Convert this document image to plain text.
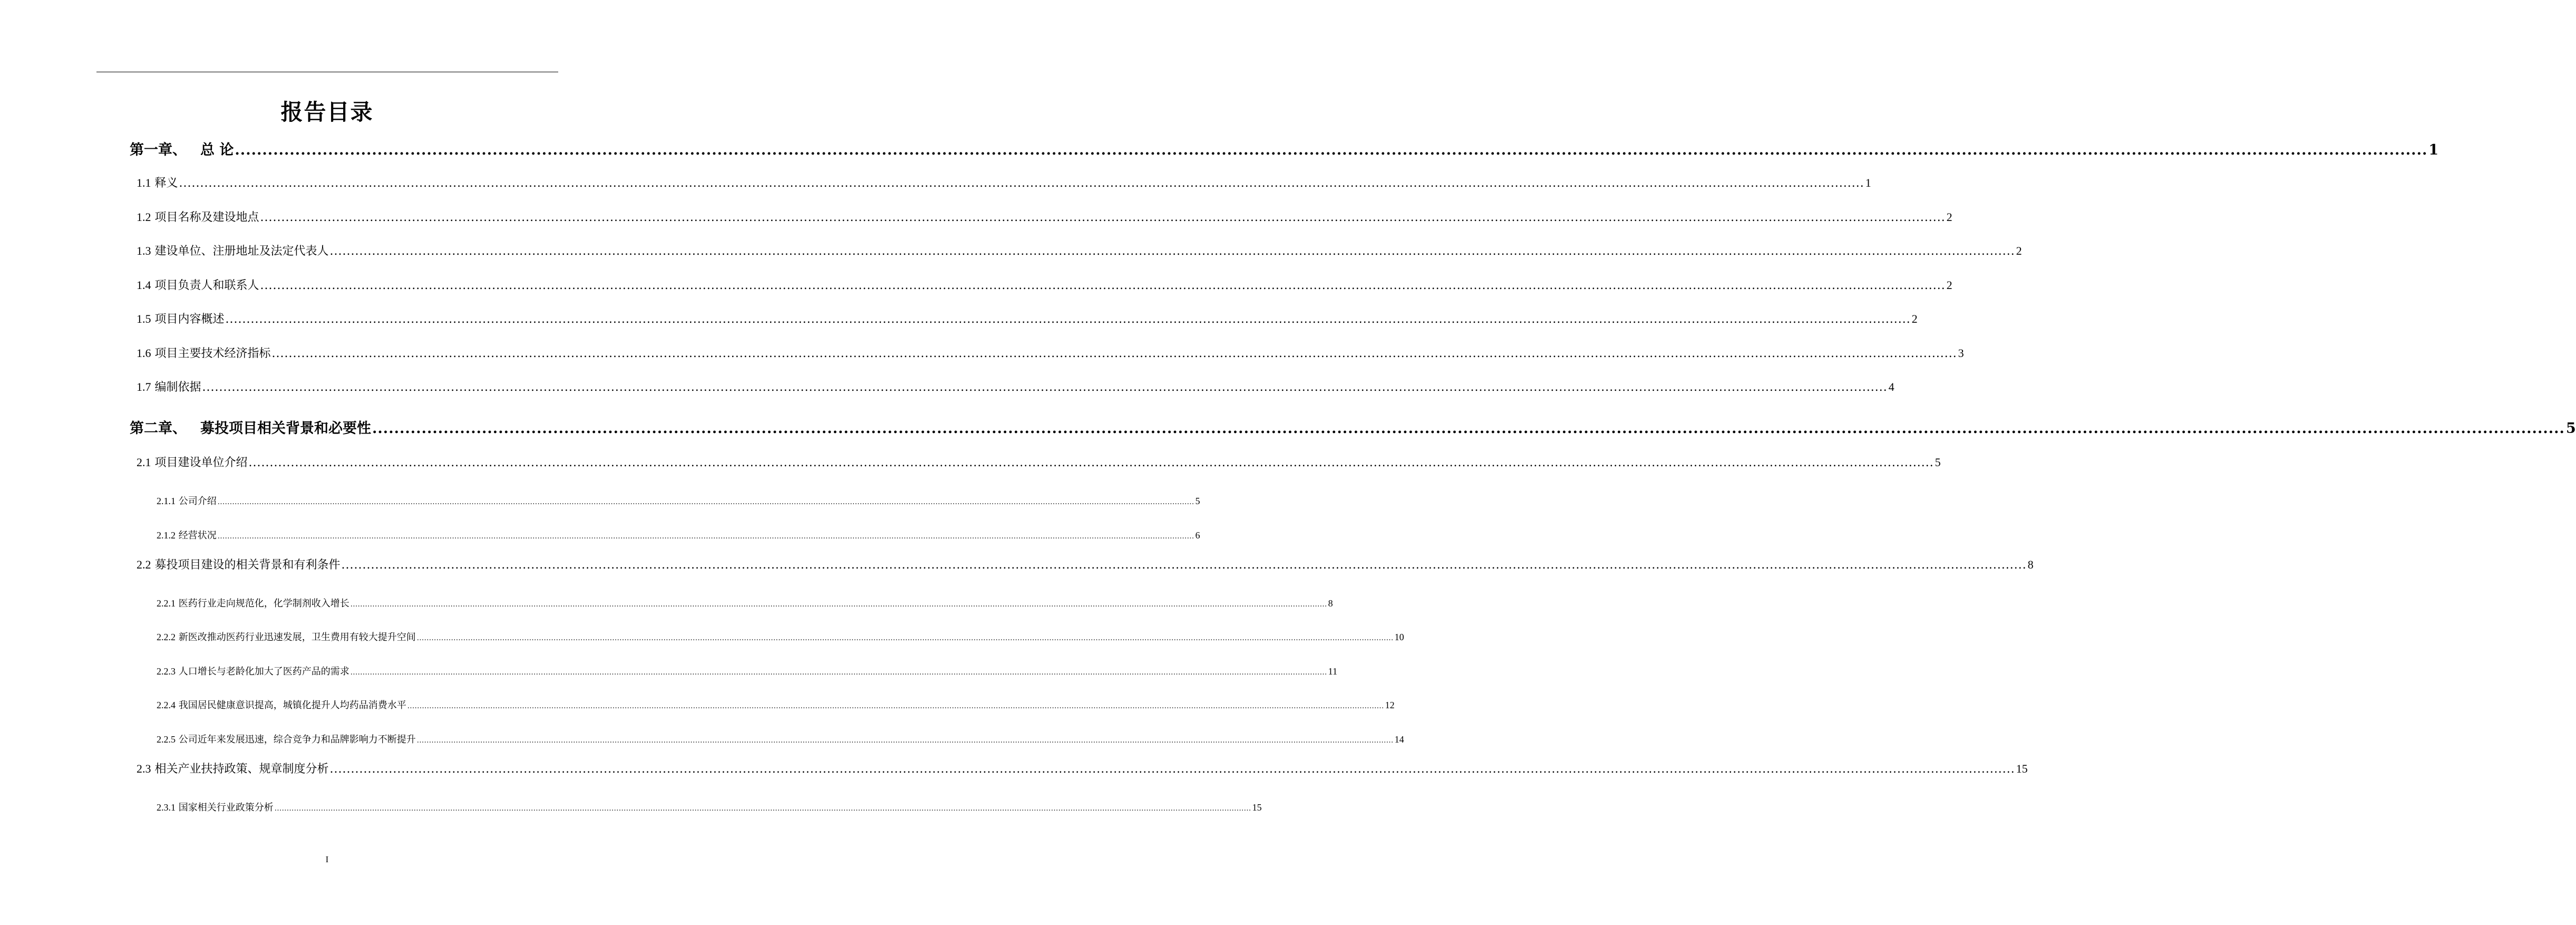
报告目录
第一章、 总 论 ................................................................................................................................................................................................................................................................................................................................................................................................................ 1
1.1 释义 ................................................................................................................................................................................................................................................................................................................................................................................................................ 1
1.2 项目名称及建设地点 ................................................................................................................................................................................................................................................................................................................................................................................................................ 2
1.3 建设单位、注册地址及法定代表人 ................................................................................................................................................................................................................................................................................................................................................................................................................ 2
1.4 项目负责人和联系人 ................................................................................................................................................................................................................................................................................................................................................................................................................ 2
1.5 项目内容概述 ................................................................................................................................................................................................................................................................................................................................................................................................................ 2
1.6 项目主要技术经济指标 ................................................................................................................................................................................................................................................................................................................................................................................................................ 3
1.7 编制依据 ................................................................................................................................................................................................................................................................................................................................................................................................................ 4
第二章、 募投项目相关背景和必要性 ................................................................................................................................................................................................................................................................................................................................................................................................................ 5
2.1 项目建设单位介绍 ................................................................................................................................................................................................................................................................................................................................................................................................................ 5
2.1.1 公司介绍 ................................................................................................................................................................................................................................................................................................................................................................................................................ 5
2.1.2 经营状况 ................................................................................................................................................................................................................................................................................................................................................................................................................ 6
2.2 募投项目建设的相关背景和有利条件 ................................................................................................................................................................................................................................................................................................................................................................................................................ 8
2.2.1 医药行业走向规范化，化学制剂收入增长 ................................................................................................................................................................................................................................................................................................................................................................................................................ 8
2.2.2 新医改推动医药行业迅速发展，卫生费用有较大提升空间 ................................................................................................................................................................................................................................................................................................................................................................................................................ 10
2.2.3 人口增长与老龄化加大了医药产品的需求 ................................................................................................................................................................................................................................................................................................................................................................................................................ 11
2.2.4 我国居民健康意识提高，城镇化提升人均药品消费水平 ................................................................................................................................................................................................................................................................................................................................................................................................................ 12
2.2.5 公司近年来发展迅速，综合竞争力和品牌影响力不断提升 ................................................................................................................................................................................................................................................................................................................................................................................................................ 14
2.3 相关产业扶持政策、规章制度分析 ................................................................................................................................................................................................................................................................................................................................................................................................................ 15
2.3.1 国家相关行业政策分析 ................................................................................................................................................................................................................................................................................................................................................................................................................ 15
I
